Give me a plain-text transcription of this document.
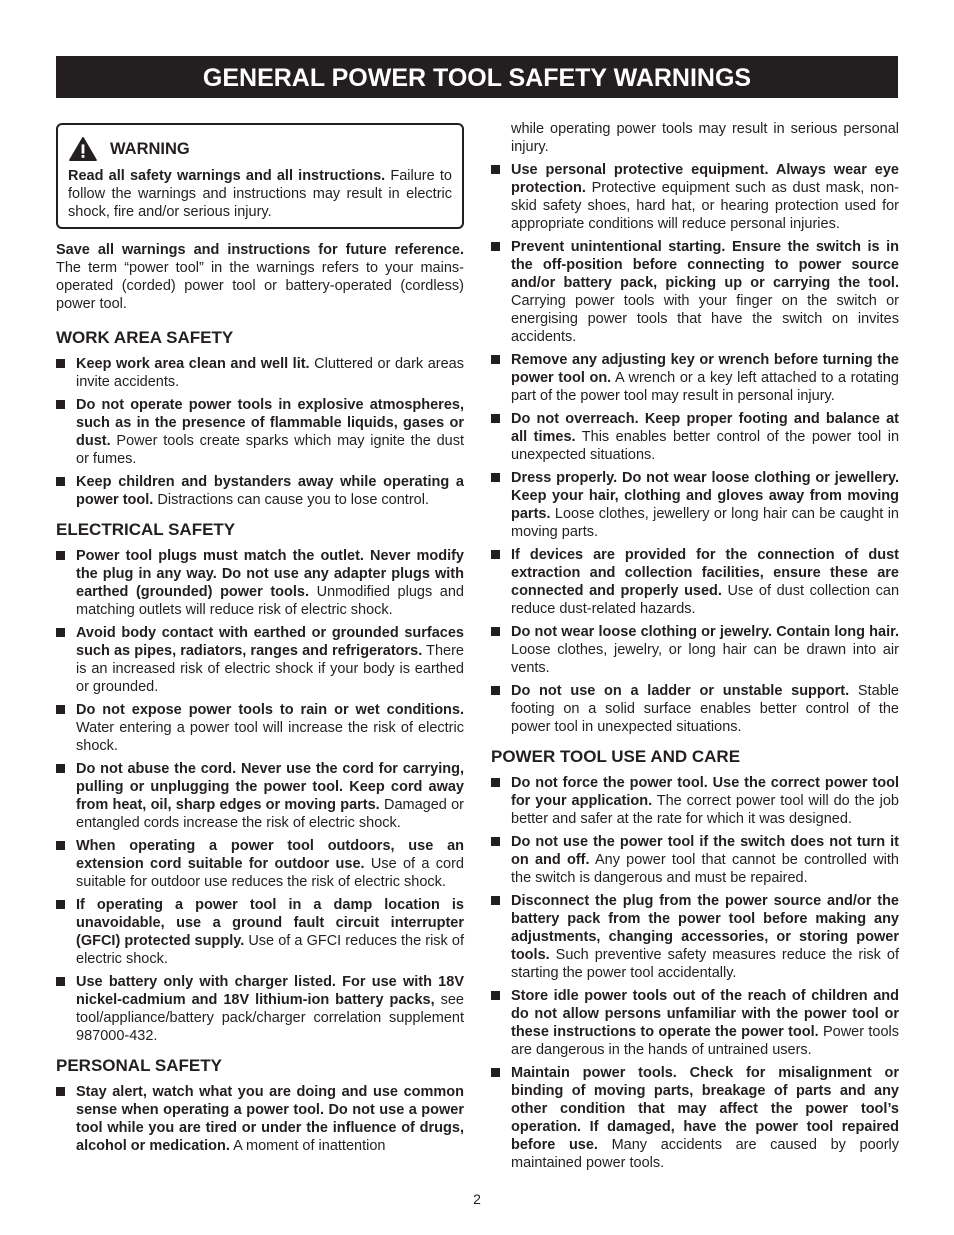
GENERAL POWER TOOL SAFETY WARNINGS
WARNING

Read all safety warnings and all instructions. Failure to follow the warnings and instructions may result in electric shock, fire and/or serious injury.

Save all warnings and instructions for future reference. The term “power tool” in the warnings refers to your mains-operated (corded) power tool or battery-operated (cordless) power tool.

WORK AREA SAFETY
Keep work area clean and well lit. Cluttered or dark areas invite accidents.
Do not operate power tools in explosive atmospheres, such as in the presence of flammable liquids, gases or dust. Power tools create sparks which may ignite the dust or fumes.
Keep children and bystanders away while operating a power tool. Distractions can cause you to lose control.
ELECTRICAL SAFETY
Power tool plugs must match the outlet. Never modify the plug in any way. Do not use any adapter plugs with earthed (grounded) power tools. Unmodified plugs and matching outlets will reduce risk of electric shock.
Avoid body contact with earthed or grounded surfaces such as pipes, radiators, ranges and refrigerators. There is an increased risk of electric shock if your body is earthed or grounded.
Do not expose power tools to rain or wet conditions. Water entering a power tool will increase the risk of electric shock.
Do not abuse the cord. Never use the cord for carrying, pulling or unplugging the power tool. Keep cord away from heat, oil, sharp edges or moving parts. Damaged or entangled cords increase the risk of electric shock.
When operating a power tool outdoors, use an extension cord suitable for outdoor use. Use of a cord suitable for outdoor use reduces the risk of electric shock.
If operating a power tool in a damp location is unavoidable, use a ground fault circuit interrupter (GFCI) protected supply. Use of a GFCI reduces the risk of electric shock.
Use battery only with charger listed. For use with 18V nickel-cadmium and 18V lithium-ion battery packs, see tool/appliance/battery pack/charger correlation supplement 987000-432.
PERSONAL SAFETY
Stay alert, watch what you are doing and use common sense when operating a power tool. Do not use a power tool while you are tired or under the influence of drugs, alcohol or medication. A moment of inattention

while operating power tools may result in serious personal injury.

Use personal protective equipment. Always wear eye protection. Protective equipment such as dust mask, non-skid safety shoes, hard hat, or hearing protection used for appropriate conditions will reduce personal injuries.
Prevent unintentional starting. Ensure the switch is in the off-position before connecting to power source and/or battery pack, picking up or carrying the tool. Carrying power tools with your finger on the switch or energising power tools that have the switch on invites accidents.
Remove any adjusting key or wrench before turning the power tool on. A wrench or a key left attached to a rotating part of the power tool may result in personal injury.
Do not overreach. Keep proper footing and balance at all times. This enables better control of the power tool in unexpected situations.
Dress properly. Do not wear loose clothing or jewellery. Keep your hair, clothing and gloves away from moving parts. Loose clothes, jewellery or long hair can be caught in moving parts.
If devices are provided for the connection of dust extraction and collection facilities, ensure these are connected and properly used. Use of dust collection can reduce dust-related hazards.
Do not wear loose clothing or jewelry. Contain long hair. Loose clothes, jewelry, or long hair can be drawn into air vents.
Do not use on a ladder or unstable support. Stable footing on a solid surface enables better control of the power tool in unexpected situations.
POWER TOOL USE AND CARE
Do not force the power tool. Use the correct power tool for your application. The correct power tool will do the job better and safer at the rate for which it was designed.
Do not use the power tool if the switch does not turn it on and off. Any power tool that cannot be controlled with the switch is dangerous and must be repaired.
Disconnect the plug from the power source and/or the battery pack from the power tool before making any adjustments, changing accessories, or storing power tools. Such preventive safety measures reduce the risk of starting the power tool accidentally.
Store idle power tools out of the reach of children and do not allow persons unfamiliar with the power tool or these instructions to operate the power tool. Power tools are dangerous in the hands of untrained users.
Maintain power tools. Check for misalignment or binding of moving parts, breakage of parts and any other condition that may affect the power tool’s operation. If damaged, have the power tool repaired before use. Many accidents are caused by poorly maintained power tools.
2
